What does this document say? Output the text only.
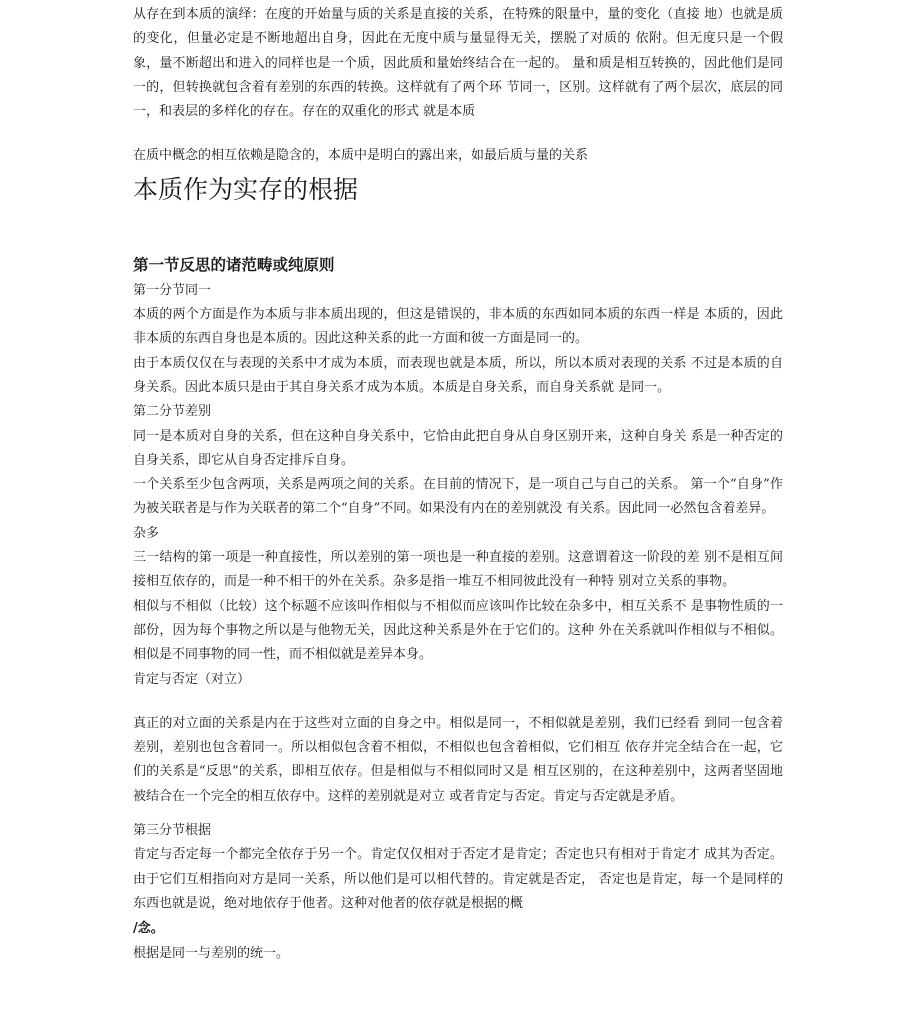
从存在到本质的演绎：在度的开始量与质的关系是直接的关系，在特殊的限量中，量的变化（直接 地）也就是质的变化，但量必定是不断地超出自身，因此在无度中质与量显得无关，摆脱了对质的 依附。但无度只是一个假象，量不断超出和进入的同样也是一个质，因此质和量始终结合在一起的。 量和质是相互转换的，因此他们是同一的，但转换就包含着有差别的东西的转换。这样就有了两个环 节同一，区别。这样就有了两个层次，底层的同一，和表层的多样化的存在。存在的双重化的形式 就是本质

在质中概念的相互依赖是隐含的，本质中是明白的露出来，如最后质与量的关系

本质作为实存的根据
第一节反思的诸范畴或纯原则

第一分节同一

本质的两个方面是作为本质与非本质出现的，但这是错误的，非本质的东西如同本质的东西一样是 本质的，因此非本质的东西自身也是本质的。因此这种关系的此一方面和彼一方面是同一的。

由于本质仅仅在与表现的关系中才成为本质，而表现也就是本质，所以，所以本质对表现的关系 不过是本质的自身关系。因此本质只是由于其自身关系才成为本质。本质是自身关系，而自身关系就 是同一。

第二分节差别

同一是本质对自身的关系，但在这种自身关系中，它恰由此把自身从自身区别开来，这种自身关 系是一种否定的自身关系，即它从自身否定排斥自身。

一个关系至少包含两项，关系是两项之间的关系。在目前的情况下，是一项自己与自己的关系。 第一个“自身”作为被关联者是与作为关联者的第二个“自身”不同。如果没有内在的差别就没 有关系。因此同一必然包含着差异。

杂多

三一结构的第一项是一种直接性，所以差别的第一项也是一种直接的差别。这意谓着这一阶段的差 别不是相互间接相互依存的，而是一种不相干的外在关系。杂多是指一堆互不相同彼此没有一种特 别对立关系的事物。

相似与不相似（比较）这个标题不应该叫作相似与不相似而应该叫作比较在杂多中，相互关系不 是事物性质的一部份，因为每个事物之所以是与他物无关，因此这种关系是外在于它们的。这种 外在关系就叫作相似与不相似。相似是不同事物的同一性，而不相似就是差异本身。

肯定与否定（对立）

真正的对立面的关系是内在于这些对立面的自身之中。相似是同一，不相似就是差别，我们已经看 到同一包含着差别，差别也包含着同一。所以相似包含着不相似，不相似也包含着相似，它们相互 依存并完全结合在一起，它们的关系是“反思”的关系，即相互依存。但是相似与不相似同时又是 相互区别的，在这种差别中，这两者坚固地被结合在一个完全的相互依存中。这样的差别就是对立 或者肯定与否定。肯定与否定就是矛盾。

第三分节根据

肯定与否定每一个都完全依存于另一个。肯定仅仅相对于否定才是肯定；否定也只有相对于肯定才 成其为否定。由于它们互相指向对方是同一关系，所以他们是可以相代替的。肯定就是否定， 否定也是肯定，每一个是同样的东西也就是说，绝对地依存于他者。这种对他者的依存就是根据的概

/念。

根据是同一与差别的统一。
